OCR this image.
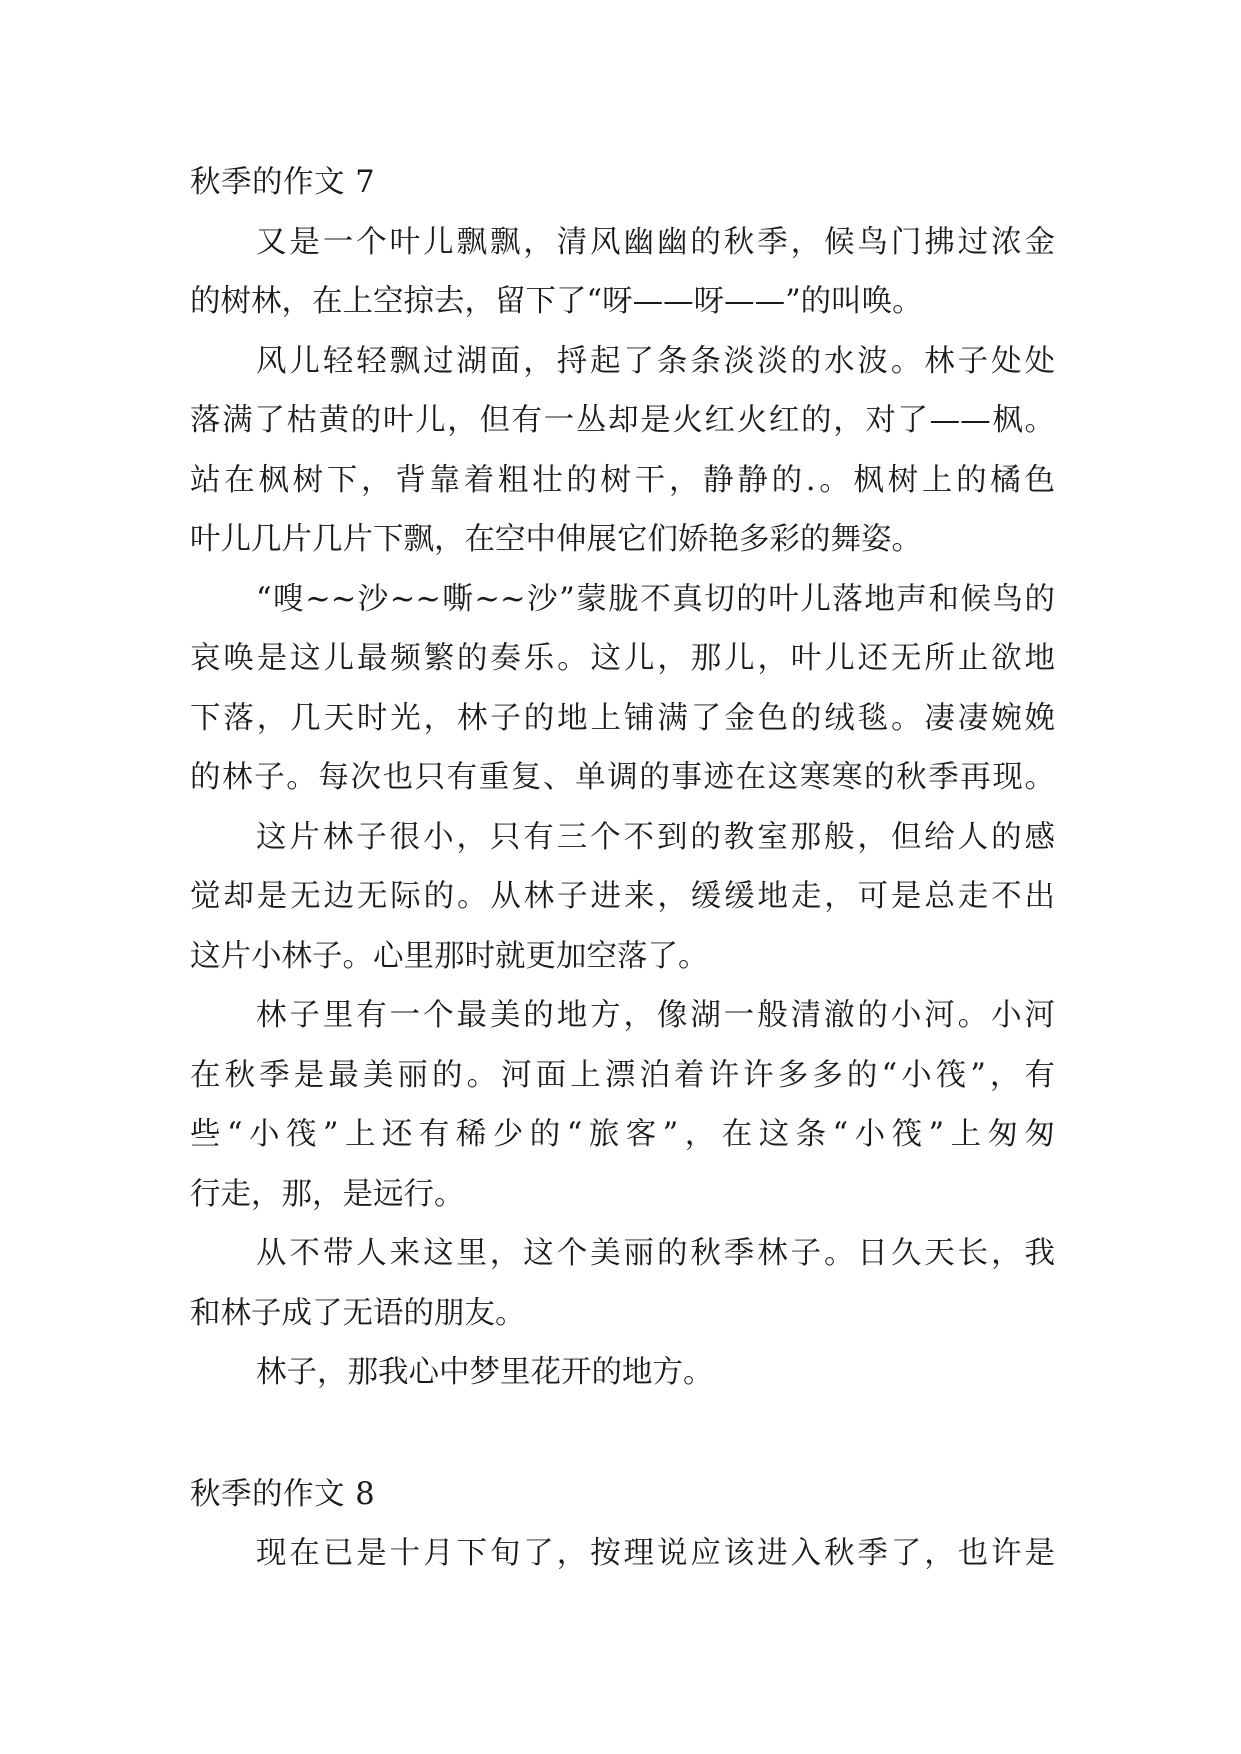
秋季的作文 7
又是一个叶儿飘飘，清风幽幽的秋季，候鸟门拂过浓金
的树林，在上空掠去，留下了“呀——呀——”的叫唤。
风儿轻轻飘过湖面，捋起了条条淡淡的水波。林子处处
落满了枯黄的叶儿，但有一丛却是火红火红的，对了——枫。
站在枫树下，背靠着粗壮的树干，静静的.。枫树上的橘色
叶儿几片几片下飘，在空中伸展它们娇艳多彩的舞姿。
“嗖~~沙~~嘶~~沙”蒙胧不真切的叶儿落地声和候鸟的
哀唤是这儿最频繁的奏乐。这儿，那儿，叶儿还无所止欲地
下落，几天时光，林子的地上铺满了金色的绒毯。凄凄婉娩
的林子。每次也只有重复、单调的事迹在这寒寒的秋季再现。
这片林子很小，只有三个不到的教室那般，但给人的感
觉却是无边无际的。从林子进来，缓缓地走，可是总走不出
这片小林子。心里那时就更加空落了。
林子里有一个最美的地方，像湖一般清澈的小河。小河
在秋季是最美丽的。河面上漂泊着许许多多的“小筏”，有
些“小筏”上还有稀少的“旅客”，在这条“小筏”上匆匆
行走，那，是远行。
从不带人来这里，这个美丽的秋季林子。日久天长，我
和林子成了无语的朋友。
林子，那我心中梦里花开的地方。
秋季的作文 8
现在已是十月下旬了，按理说应该进入秋季了，也许是
